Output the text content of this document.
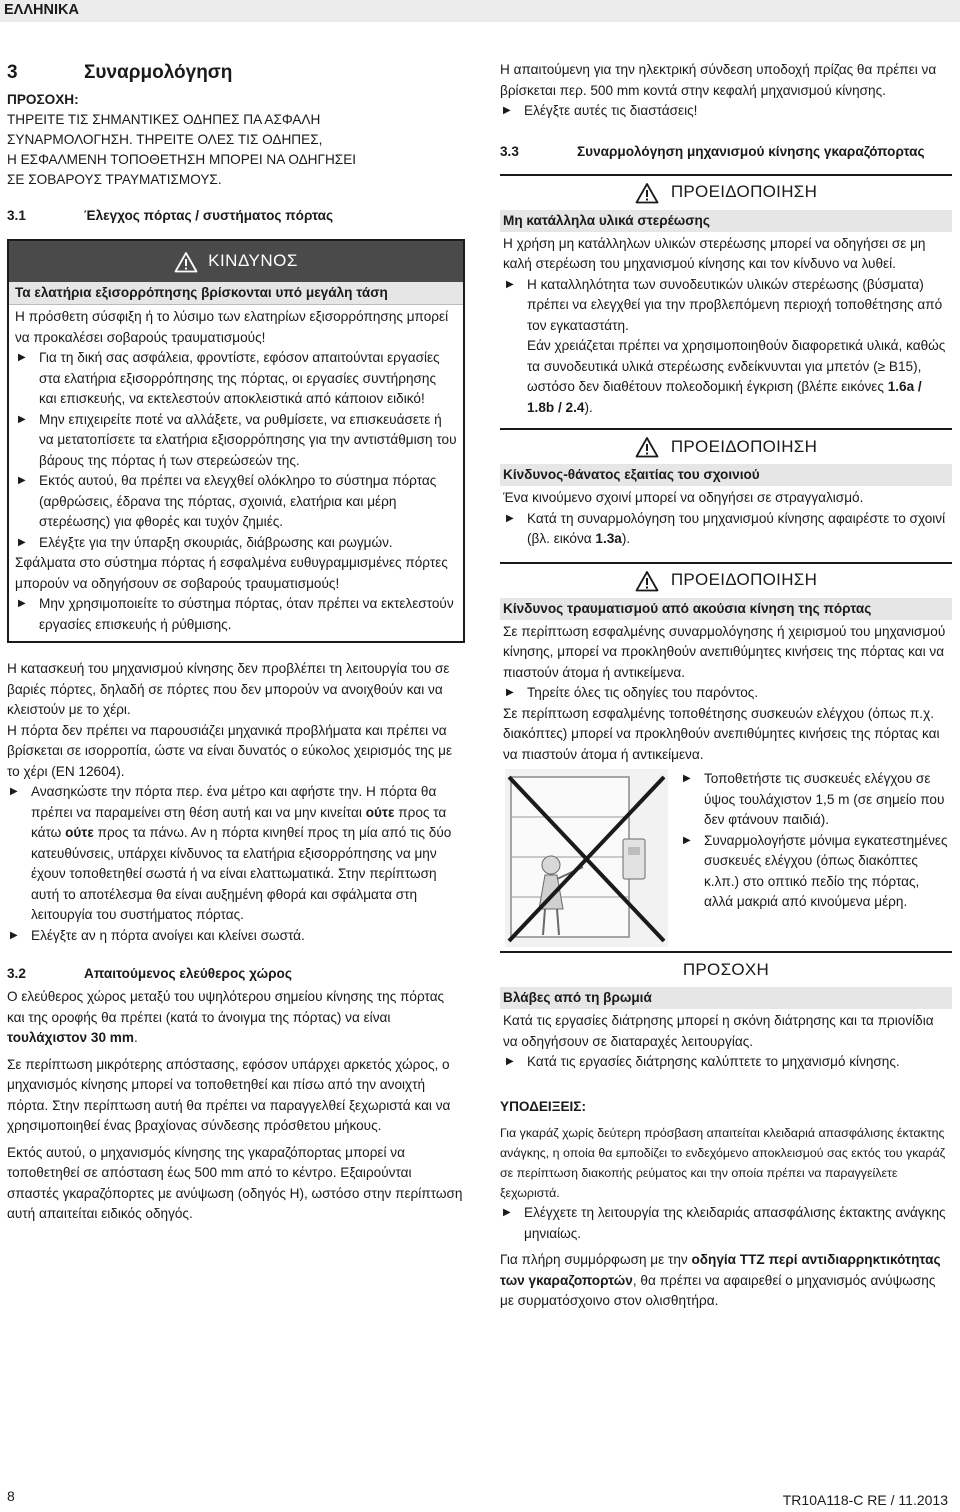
ΕΛΛΗΝΙΚΑ
3	Συναρμολόγηση

ΠΡΟΣΟΧΗ:

ΤΗΡΕΙΤΕ ΤΙΣ ΣΗΜΑΝΤΙΚΕΣ ΟΔΗΠΕΣ ΠΑ ΑΣΦΑΛΗ

ΣΥΝΑΡΜΟΛΟΓΗΣΗ. ΤΗΡΕΙΤΕ ΟΛΕΣ ΤΙΣ ΟΔΗΠΕΣ,

Η ΕΣΦΑΛΜΕΝΗ ΤΟΠΟΘΕΤΗΣΗ ΜΠΟΡΕΙ ΝΑ ΟΔΗΓΗΣΕΙ

ΣΕ ΣΟΒΑΡΟΥΣ ΤΡΑΥΜΑΤΙΣΜΟΥΣ.

3.1	Έλεγχος πόρτας / συστήματος πόρτας
ΚΙΝΔΥΝΟΣ
Τα ελατήρια εξισορρόπησης βρίσκονται υπό μεγάλη τάση

Η πρόσθετη σύσφιξη ή το λύσιμο των ελατηρίων εξισορρόπησης μπορεί να προκαλέσει σοβαρούς τραυματισμούς!

▶ Για τη δική σας ασφάλεια, φροντίστε, εφόσον απαιτούνται εργασίες στα ελατήρια εξισορρόπησης της πόρτας, οι εργασίες συντήρησης και επισκευής, να εκτελεστούν αποκλειστικά από κάποιον ειδικό!
▶ Μην επιχειρείτε ποτέ να αλλάξετε, να ρυθμίσετε, να επισκευάσετε ή να μετατοπίσετε τα ελατήρια εξισορρόπησης για την αντιστάθμιση του βάρους της πόρτας ή των στερεώσεών της.
▶ Εκτός αυτού, θα πρέπει να ελεγχθεί ολόκληρο το σύστημα πόρτας (αρθρώσεις, έδρανα της πόρτας, σχοινιά, ελατήρια και μέρη στερέωσης) για φθορές και τυχόν ζημιές.
▶ Ελέγξτε για την ύπαρξη σκουριάς, διάβρωσης και ρωγμών.

Σφάλματα στο σύστημα πόρτας ή εσφαλμένα ευθυγραμμισμένες πόρτες μπορούν να οδηγήσουν σε σοβαρούς τραυματισμούς!

▶ Μην χρησιμοποιείτε το σύστημα πόρτας, όταν πρέπει να εκτελεστούν εργασίες επισκευής ή ρύθμισης.

Η κατασκευή του μηχανισμού κίνησης δεν προβλέπει τη λειτουργία του σε βαριές πόρτες, δηλαδή σε πόρτες που δεν μπορούν να ανοιχθούν και να κλειστούν με το χέρι.

Η πόρτα δεν πρέπει να παρουσιάζει μηχανικά προβλήματα και πρέπει να βρίσκεται σε ισορροπία, ώστε να είναι δυνατός ο εύκολος χειρισμός της με το χέρι (EN 12604).

▶ Ανασηκώστε την πόρτα περ. ένα μέτρο και αφήστε την. Η πόρτα θα πρέπει να παραμείνει στη θέση αυτή και να μην κινείται ούτε προς τα κάτω ούτε προς τα πάνω. Αν η πόρτα κινηθεί προς τη μία από τις δύο κατευθύνσεις, υπάρχει κίνδυνος τα ελατήρια εξισορρόπησης να μην έχουν τοποθετηθεί σωστά ή να είναι ελαττωματικά. Στην περίπτωση αυτή το αποτέλεσμα θα είναι αυξημένη φθορά και σφάλματα στη λειτουργία του συστήματος πόρτας.
▶ Ελέγξτε αν η πόρτα ανοίγει και κλείνει σωστά.
3.2	Απαιτούμενος ελεύθερος χώρος

Ο ελεύθερος χώρος μεταξύ του υψηλότερου σημείου κίνησης της πόρτας και της οροφής θα πρέπει (κατά το άνοιγμα της πόρτας) να είναι τουλάχιστον 30 mm.

Σε περίπτωση μικρότερης απόστασης, εφόσον υπάρχει αρκετός χώρος, ο μηχανισμός κίνησης μπορεί να τοποθετηθεί και πίσω από την ανοιχτή πόρτα. Στην περίπτωση αυτή θα πρέπει να παραγγελθεί ξεχωριστά και να χρησιμοποιηθεί ένας βραχίονας σύνδεσης πρόσθετου μήκους.

Εκτός αυτού, ο μηχανισμός κίνησης της γκαραζόπορτας μπορεί να τοποθετηθεί σε απόσταση έως 500 mm από το κέντρο. Εξαιρούνται σπαστές γκαραζόπορτες με ανύψωση (οδηγός Η), ωστόσο στην περίπτωση αυτή απαιτείται ειδικός οδηγός.

Η απαιτούμενη για την ηλεκτρική σύνδεση υποδοχή πρίζας θα πρέπει να βρίσκεται περ. 500 mm κοντά στην κεφαλή μηχανισμού κίνησης.

▶ Ελέγξτε αυτές τις διαστάσεις!
3.3	Συναρμολόγηση μηχανισμού κίνησης γκαραζόπορτας
ΠΡΟΕΙΔΟΠΟΙΗΣΗ
Μη κατάλληλα υλικά στερέωσης

Η χρήση μη κατάλληλων υλικών στερέωσης μπορεί να οδηγήσει σε μη καλή στερέωση του μηχανισμού κίνησης και τον κίνδυνο να λυθεί.

▶ Η καταλληλότητα των συνοδευτικών υλικών στερέωσης (βύσματα) πρέπει να ελεγχθεί για την προβλεπόμενη περιοχή τοποθέτησης από τον εγκαταστάτη.
Εάν χρειάζεται πρέπει να χρησιμοποιηθούν διαφορετικά υλικά, καθώς τα συνοδευτικά υλικά στερέωσης ενδείκνυνται για μπετόν (≥ B15), ωστόσο δεν διαθέτουν πολεοδομική έγκριση (βλέπε εικόνες 1.6a / 1.8b / 2.4).
ΠΡΟΕΙΔΟΠΟΙΗΣΗ
Κίνδυνος-θάνατος εξαιτίας του σχοινιού

Ένα κινούμενο σχοινί μπορεί να οδηγήσει σε στραγγαλισμό.

▶ Κατά τη συναρμολόγηση του μηχανισμού κίνησης αφαιρέστε το σχοινί (βλ. εικόνα 1.3a).
ΠΡΟΕΙΔΟΠΟΙΗΣΗ
Κίνδυνος τραυματισμού από ακούσια κίνηση της πόρτας

Σε περίπτωση εσφαλμένης συναρμολόγησης ή χειρισμού του μηχανισμού κίνησης, μπορεί να προκληθούν ανεπιθύμητες κινήσεις της πόρτας και να πιαστούν άτομα ή αντικείμενα.

▶ Τηρείτε όλες τις οδηγίες του παρόντος.

Σε περίπτωση εσφαλμένης τοποθέτησης συσκευών ελέγχου (όπως π.χ. διακόπτες) μπορεί να προκληθούν ανεπιθύμητες κινήσεις της πόρτας και να πιαστούν άτομα ή αντικείμενα.

▶ Τοποθετήστε τις συσκευές ελέγχου σε ύψος τουλάχιστον 1,5 m (σε σημείο που δεν φτάνουν παιδιά).
▶ Συναρμολογήστε μόνιμα εγκατεστημένες συσκευές ελέγχου (όπως διακόπτες κ.λπ.) στο οπτικό πεδίο της πόρτας, αλλά μακριά από κινούμενα μέρη.
ΠΡΟΣΟΧΗ
Βλάβες από τη βρωμιά

Κατά τις εργασίες διάτρησης μπορεί η σκόνη διάτρησης και τα πριονίδια να οδηγήσουν σε διαταραχές λειτουργίας.

▶ Κατά τις εργασίες διάτρησης καλύπτετε το μηχανισμό κίνησης.

ΥΠΟΔΕΙΞΕΙΣ:

Για γκαράζ χωρίς δεύτερη πρόσβαση απαιτείται κλειδαριά απασφάλισης έκτακτης ανάγκης, η οποία θα εμποδίζει το ενδεχόμενο αποκλεισμού σας εκτός του γκαράζ σε περίπτωση διακοπής ρεύματος και την οποία πρέπει να παραγγείλετε ξεχωριστά.

▶ Ελέγχετε τη λειτουργία της κλειδαριάς απασφάλισης έκτακτης ανάγκης μηνιαίως.

Για πλήρη συμμόρφωση με την οδηγία TTZ περί αντιδιαρρηκτικότητας των γκαραζοπορτών, θα πρέπει να αφαιρεθεί ο μηχανισμός ανύψωσης με συρματόσχοινο στον ολισθητήρα.

8	TR10A118-C RE / 11.2013
